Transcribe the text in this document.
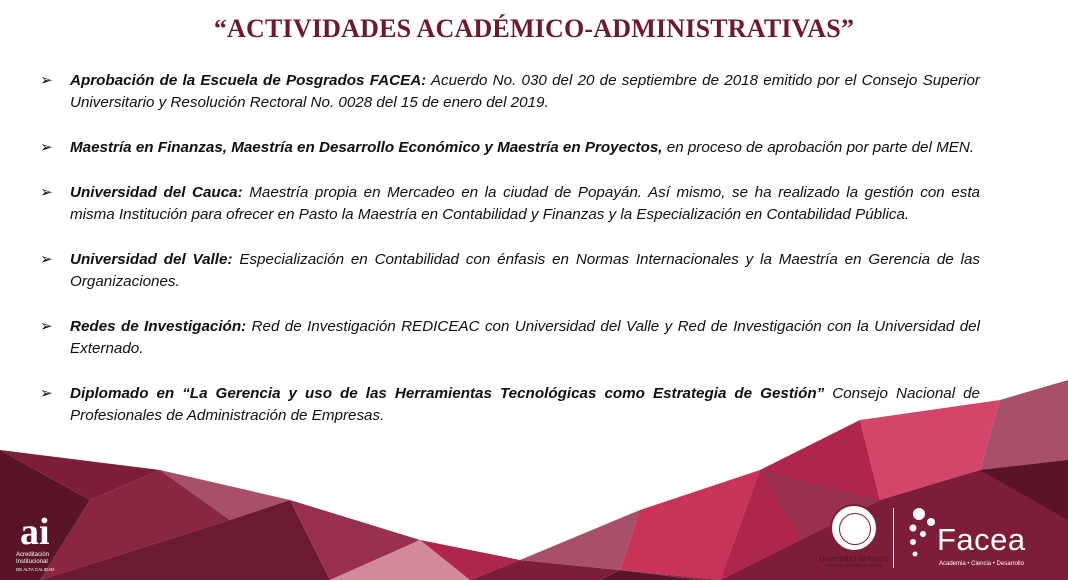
“ACTIVIDADES ACADÉMICO-ADMINISTRATIVAS”
➢ Aprobación de la Escuela de Posgrados FACEA: Acuerdo No. 030 del 20 de septiembre de 2018 emitido por el Consejo Superior Universitario y Resolución Rectoral No. 0028 del 15 de enero del 2019.
➢ Maestría en Finanzas, Maestría en Desarrollo Económico y Maestría en Proyectos, en proceso de aprobación por parte del MEN.
➢ Universidad del Cauca: Maestría propia en Mercadeo en la ciudad de Popayán. Así mismo, se ha realizado la gestión con esta misma Institución para ofrecer en Pasto la Maestría en Contabilidad y Finanzas y la Especialización en Contabilidad Pública.
➢ Universidad del Valle: Especialización en Contabilidad con énfasis en Normas Internacionales y la Maestría en Gerencia de las Organizaciones.
➢ Redes de Investigación: Red de Investigación REDICEAC con Universidad del Valle y Red de Investigación con la Universidad del Externado.
➢ Diplomado en “La Gerencia y uso de las Herramientas Tecnológicas como Estrategia de Gestión” Consejo Nacional de Profesionales de Administración de Empresas.
ai
Acreditación
Institucional
DE ALTA CALIDAD
Universidad de Nariño
VIGILADA MINEDUCACIÓN
Facea
Academia • Ciencia • Desarrollo
